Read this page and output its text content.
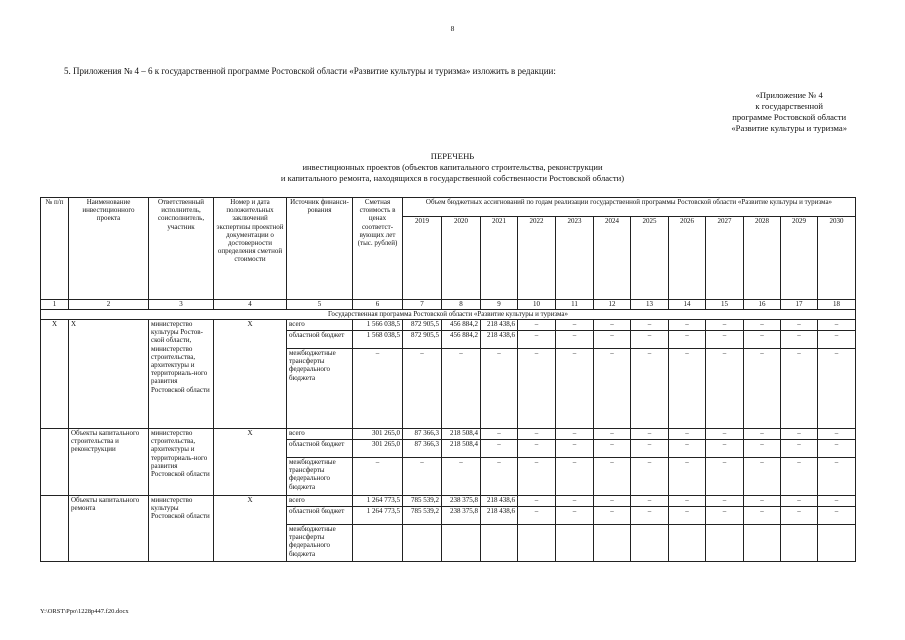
8
5. Приложения № 4 – 6 к государственной программе Ростовской области «Развитие культуры и туризма» изложить в редакции:
«Приложение № 4
к государственной
программе Ростовской области
«Развитие культуры и туризма»
ПЕРЕЧЕНЬ
инвестиционных проектов (объектов капитального строительства, реконструкции
и капитального ремонта, находящихся в государственной собственности Ростовской области)
№ п/п	Наименование инвестиционного проекта	Ответственный исполнитель, соисполнитель, участник	Номер и дата положительных заключений экспертизы проектной документации о достоверности определения сметной стоимости	Источник финанси-рования	Сметная стоимость в ценах соответст-вующих лет (тыс. рублей)	Объем бюджетных ассигнований по годам реализации государственной программы Ростовской области «Развитие культуры и туризма»											
						2019	2020	2021	2022	2023	2024	2025	2026	2027	2028	2029	2030
1	2	3	4	5	6	7	8	9	10	11	12	13	14	15	16	17	18
Государственная программа Ростовской области «Развитие культуры и туризма»																	
Х	Х	министерство культуры Ростов-ской области, министерство строительства, архитектуры и территориаль-ного развития Ростовской области	Х	всего	1 566 038,5	872 905,5	456 884,2	218 438,6	–	–	–	–	–	–	–	–	–
				областной бюджет	1 568 038,5	872 905,5	456 884,2	218 438,6	–	–	–	–	–	–	–	–	–
				межбюджетные трансферты федерального бюджета	–	–	–	–	–	–	–	–	–	–	–	–	–
	Объекты капитального строительства и реконструкции	министерство строительства, архитектуры и территориаль-ного развития Ростовской области	Х	всего	301 265,0	87 366,3	218 508,4	–	–	–	–	–	–	–	–	–	–
				областной бюджет	301 265,0	87 366,3	218 508,4	–	–	–	–	–	–	–	–	–	–
				межбюджетные трансферты федерального бюджета	–	–	–	–	–	–	–	–	–	–	–	–	–
	Объекты капитального ремонта	министерство культуры Ростовской области	Х	всего	1 264 773,5	785 539,2	238 375,8	218 438,6	–	–	–	–	–	–	–	–	–
				областной бюджет	1 264 773,5	785 539,2	238 375,8	218 438,6	–	–	–	–	–	–	–	–	–
				межбюджетные трансферты федерального бюджета													
Y:\ORST\Ppo\1228p447.f20.docx
